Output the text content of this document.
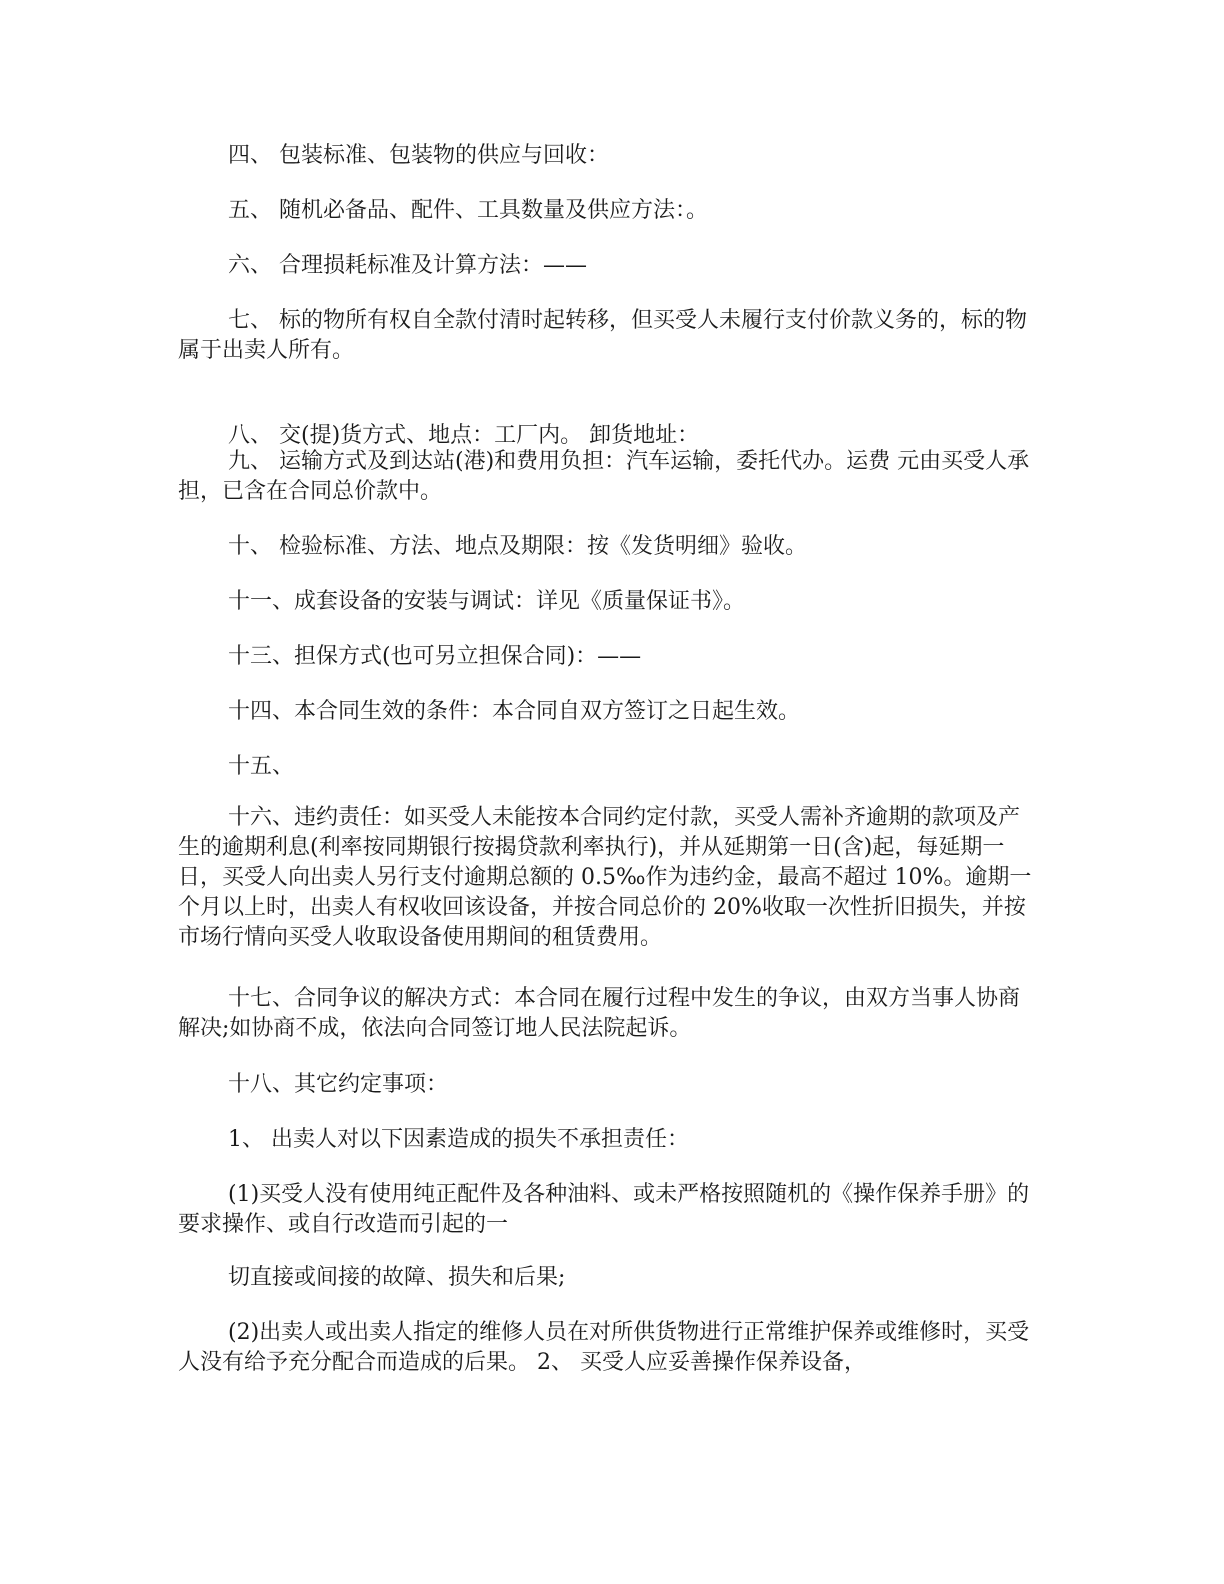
四、 包装标准、包装物的供应与回收：

五、 随机必备品、配件、工具数量及供应方法：。

六、 合理损耗标准及计算方法：——

七、 标的物所有权自全款付清时起转移，但买受人未履行支付价款义务的，标的物属于出卖人所有。

八、 交(提)货方式、地点：工厂内。 卸货地址：

九、 运输方式及到达站(港)和费用负担：汽车运输，委托代办。运费 元由买受人承担，已含在合同总价款中。

十、 检验标准、方法、地点及期限：按《发货明细》验收。

十一、成套设备的安装与调试：详见《质量保证书》。

十三、担保方式(也可另立担保合同)：——

十四、本合同生效的条件：本合同自双方签订之日起生效。

十五、

十六、违约责任：如买受人未能按本合同约定付款，买受人需补齐逾期的款项及产生的逾期利息(利率按同期银行按揭贷款利率执行)，并从延期第一日(含)起，每延期一日，买受人向出卖人另行支付逾期总额的 0.5‰作为违约金，最高不超过 10%。逾期一个月以上时，出卖人有权收回该设备，并按合同总价的 20%收取一次性折旧损失，并按市场行情向买受人收取设备使用期间的租赁费用。

十七、合同争议的解决方式：本合同在履行过程中发生的争议，由双方当事人协商解决;如协商不成，依法向合同签订地人民法院起诉。

十八、其它约定事项：

1、 出卖人对以下因素造成的损失不承担责任：

(1)买受人没有使用纯正配件及各种油料、或未严格按照随机的《操作保养手册》的要求操作、或自行改造而引起的一

切直接或间接的故障、损失和后果;

(2)出卖人或出卖人指定的维修人员在对所供货物进行正常维护保养或维修时，买受人没有给予充分配合而造成的后果。 2、 买受人应妥善操作保养设备，
